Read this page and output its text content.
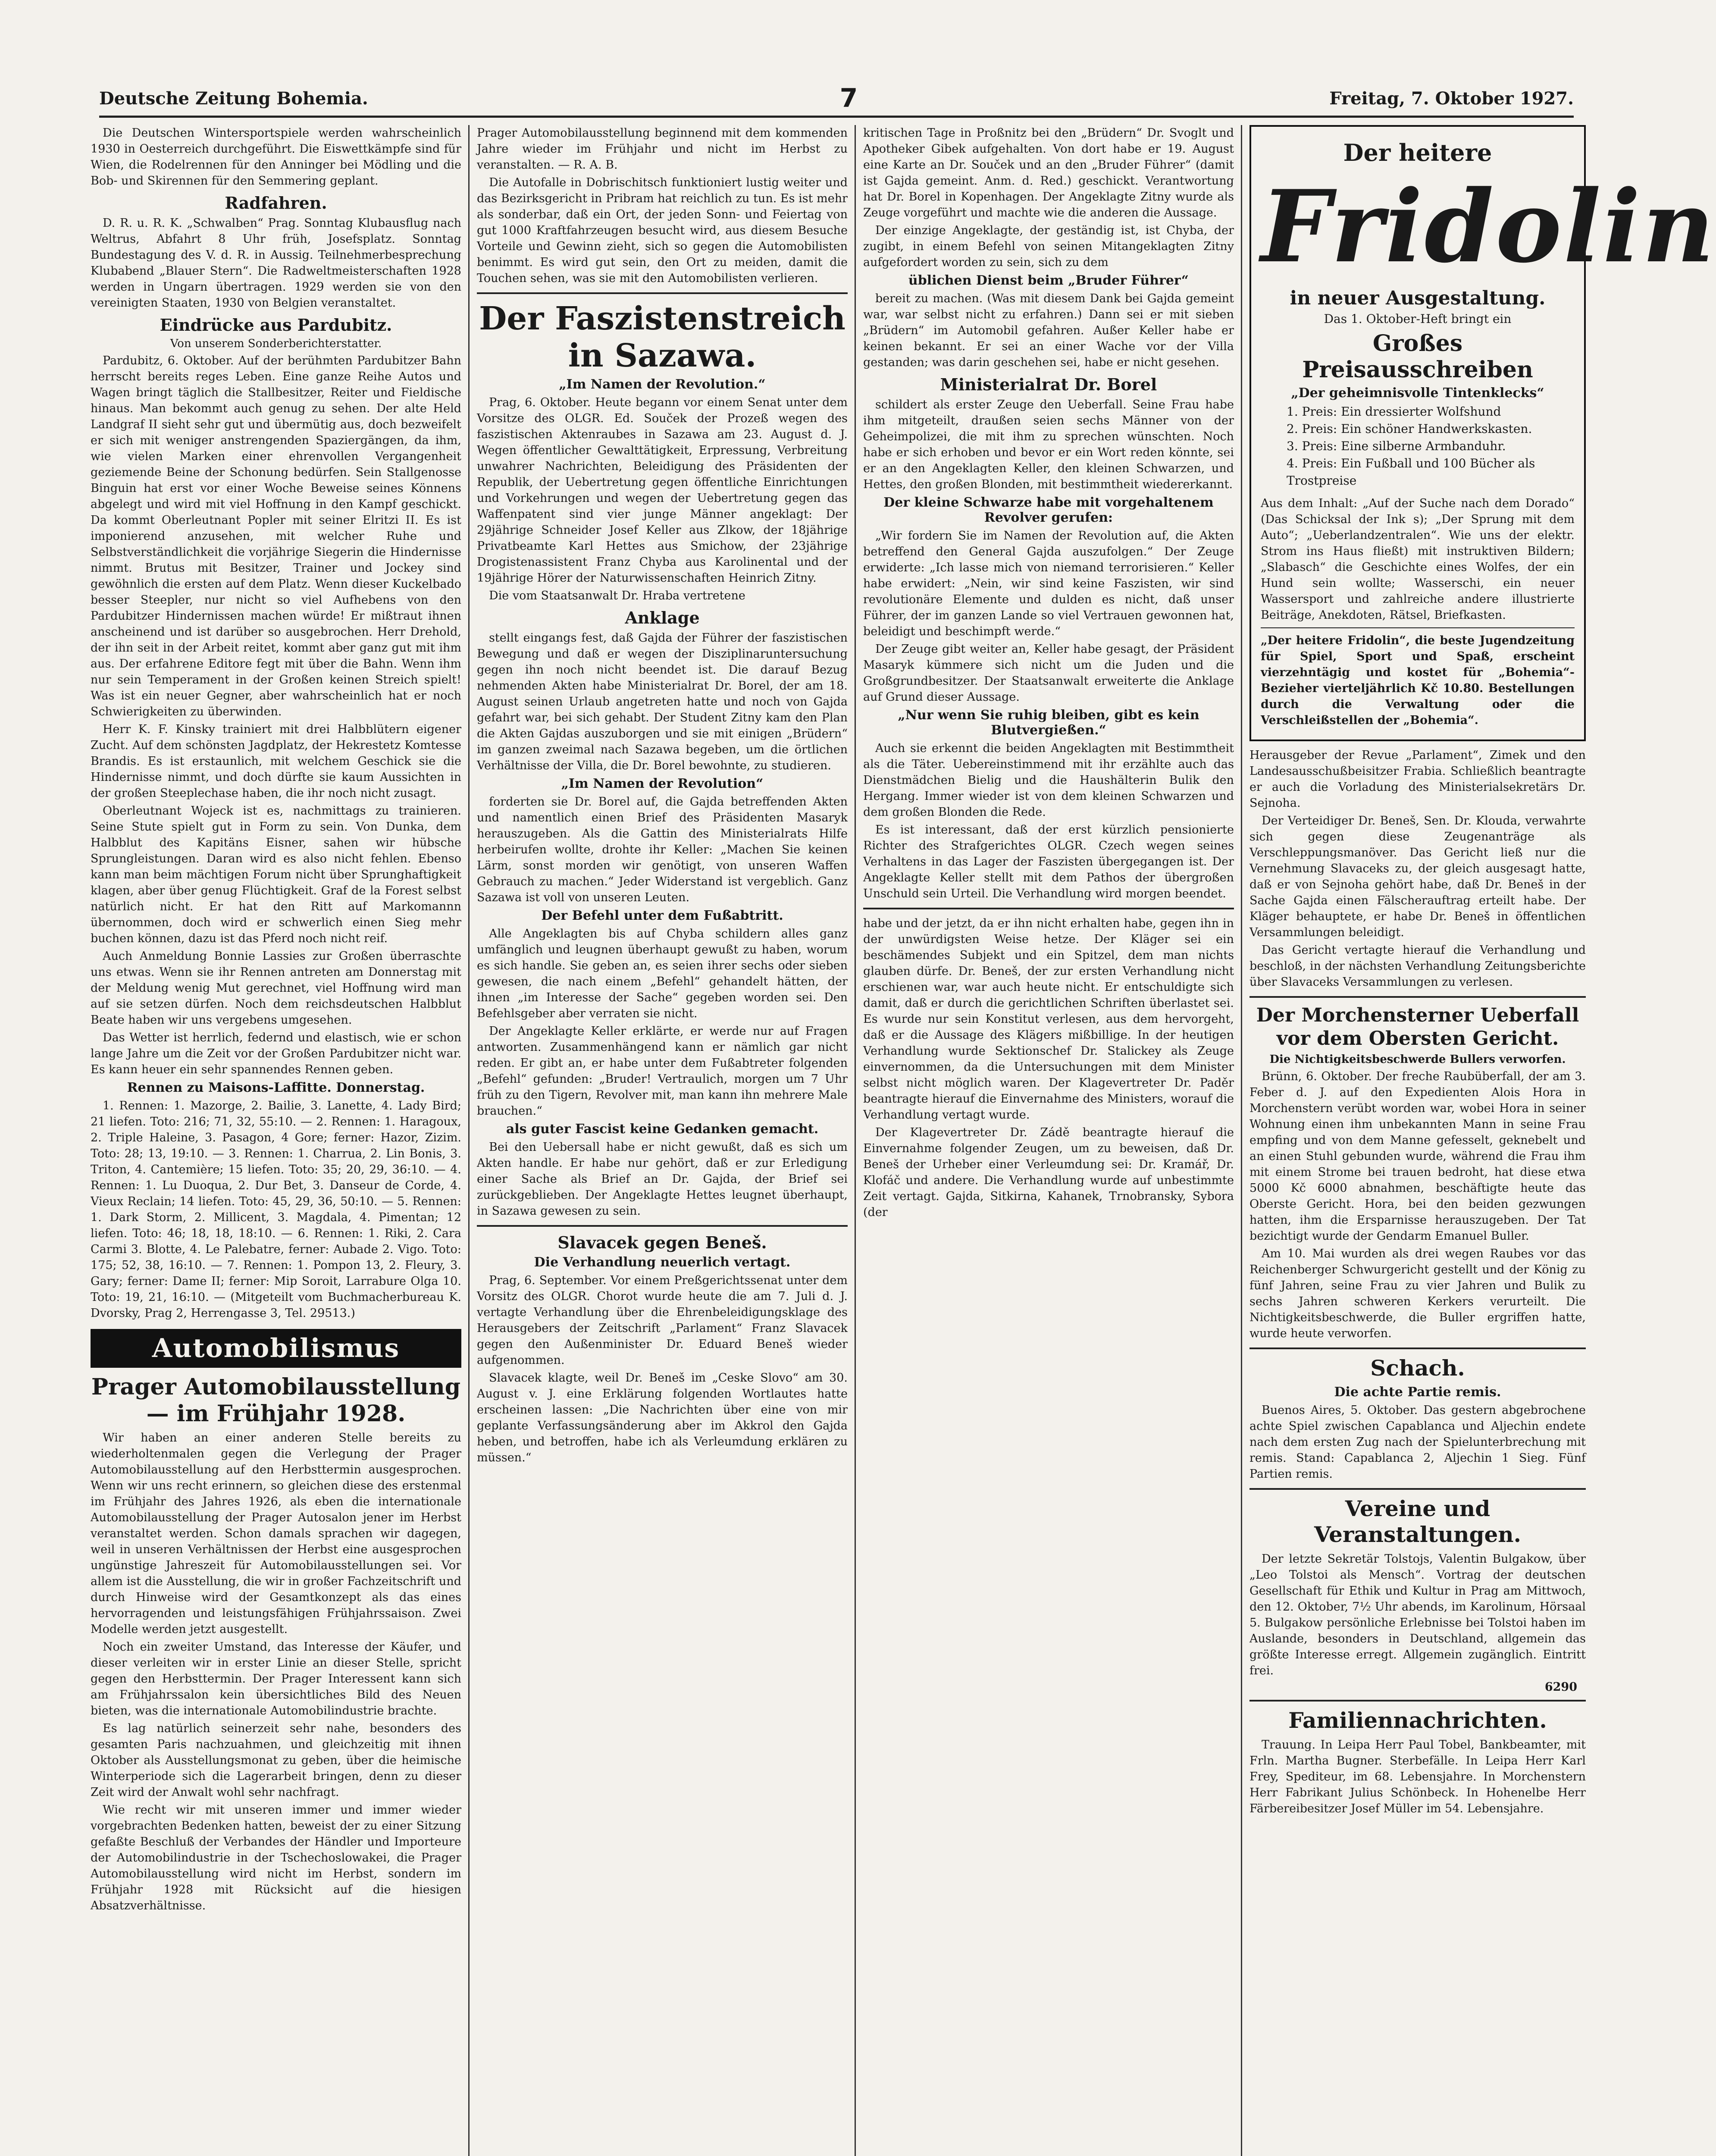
Deutsche Zeitung Bohemia.	7	Freitag, 7. Oktober 1927.

Die Deutschen Wintersportspiele werden wahrscheinlich 1930 in Oesterreich durchgeführt. Die Eiswettkämpfe sind für Wien, die Rodelrennen für den Anninger bei Mödling und die Bob- und Skirennen für den Semmering geplant.

Radfahren.

D. R. u. R. K. „Schwalben“ Prag. Sonntag Klubausflug nach Weltrus, Abfahrt 8 Uhr früh, Josefsplatz. Sonntag Bundestagung des V. d. R. in Aussig. Teilnehmerbesprechung Klubabend „Blauer Stern“. Die Radweltmeisterschaften 1928 werden in Ungarn übertragen. 1929 werden sie von den vereinigten Staaten, 1930 von Belgien veranstaltet.

Eindrücke aus Pardubitz.
Von unserem Sonderberichterstatter.

Pardubitz, 6. Oktober. Auf der berühmten Pardubitzer Bahn herrscht bereits reges Leben. Eine ganze Reihe Autos und Wagen bringt täglich die Stallbesitzer, Reiter und Fieldische hinaus. Man bekommt auch genug zu sehen. Der alte Held Landgraf II sieht sehr gut und übermütig aus, doch bezweifelt er sich mit weniger anstrengenden Spaziergängen, da ihm, wie vielen Marken einer ehrenvollen Vergangenheit geziemende Beine der Schonung bedürfen. Sein Stallgenosse Binguin hat erst vor einer Woche Beweise seines Könnens abgelegt und wird mit viel Hoffnung in den Kampf geschickt. Da kommt Oberleutnant Popler mit seiner Elritzi II. Es ist imponierend anzusehen, mit welcher Ruhe und Selbstverständlichkeit die vorjährige Siegerin die Hindernisse nimmt. Brutus mit Besitzer, Trainer und Jockey sind gewöhnlich die ersten auf dem Platz. Wenn dieser Kuckelbado besser Steepler, nur nicht so viel Aufhebens von den Pardubitzer Hindernissen machen würde! Er mißtraut ihnen anscheinend und ist darüber so ausgebrochen. Herr Drehold, der ihn seit in der Arbeit reitet, kommt aber ganz gut mit ihm aus. Der erfahrene Editore fegt mit über die Bahn. Wenn ihm nur sein Temperament in der Großen keinen Streich spielt! Was ist ein neuer Gegner, aber wahrscheinlich hat er noch Schwierigkeiten zu überwinden.

Herr K. F. Kinsky trainiert mit drei Halbblütern eigener Zucht. Auf dem schönsten Jagdplatz, der Hekrestetz Komtesse Brandis. Es ist erstaunlich, mit welchem Geschick sie die Hindernisse nimmt, und doch dürfte sie kaum Aussichten in der großen Steeplechase haben, die ihr noch nicht zusagt.

Oberleutnant Wojeck ist es, nachmittags zu trainieren. Seine Stute spielt gut in Form zu sein. Von Dunka, dem Halbblut des Kapitäns Eisner, sahen wir hübsche Sprungleistungen. Daran wird es also nicht fehlen. Ebenso kann man beim mächtigen Forum nicht über Sprunghaftigkeit klagen, aber über genug Flüchtigkeit. Graf de la Forest selbst natürlich nicht. Er hat den Ritt auf Markomannn übernommen, doch wird er schwerlich einen Sieg mehr buchen können, dazu ist das Pferd noch nicht reif.

Auch Anmeldung Bonnie Lassies zur Großen überraschte uns etwas. Wenn sie ihr Rennen antreten am Donnerstag mit der Meldung wenig Mut gerechnet, viel Hoffnung wird man auf sie setzen dürfen. Noch dem reichsdeutschen Halbblut Beate haben wir uns vergebens umgesehen.

Das Wetter ist herrlich, federnd und elastisch, wie er schon lange Jahre um die Zeit vor der Großen Pardubitzer nicht war. Es kann heuer ein sehr spannendes Rennen geben.

Rennen zu Maisons-Laffitte. Donnerstag.

1. Rennen: 1. Mazorge, 2. Bailie, 3. Lanette, 4. Lady Bird; 21 liefen. Toto: 216; 71, 32, 55:10. — 2. Rennen: 1. Haragoux, 2. Triple Haleine, 3. Pasagon, 4 Gore; ferner: Hazor, Zizim. Toto: 28; 13, 19:10. — 3. Rennen: 1. Charrua, 2. Lin Bonis, 3. Triton, 4. Cantemière; 15 liefen. Toto: 35; 20, 29, 36:10. — 4. Rennen: 1. Lu Duoqua, 2. Dur Bet, 3. Danseur de Corde, 4. Vieux Reclain; 14 liefen. Toto: 45, 29, 36, 50:10. — 5. Rennen: 1. Dark Storm, 2. Millicent, 3. Magdala, 4. Pimentan; 12 liefen. Toto: 46; 18, 18, 18:10. — 6. Rennen: 1. Riki, 2. Cara Carmi 3. Blotte, 4. Le Palebatre, ferner: Aubade 2. Vigo. Toto: 175; 52, 38, 16:10. — 7. Rennen: 1. Pompon 13, 2. Fleury, 3. Gary; ferner: Dame II; ferner: Mip Soroit, Larrabure Olga 10. Toto: 19, 21, 16:10. — (Mitgeteilt vom Buchmacherbureau K. Dvorsky, Prag 2, Herrengasse 3, Tel. 29513.)

Automobilismus
Prager Automobilausstellung — im Frühjahr 1928.

Wir haben an einer anderen Stelle bereits zu wiederholtenmalen gegen die Verlegung der Prager Automobilausstellung auf den Herbsttermin ausgesprochen. Wenn wir uns recht erinnern, so gleichen diese des erstenmal im Frühjahr des Jahres 1926, als eben die internationale Automobilausstellung der Prager Autosalon jener im Herbst veranstaltet werden. Schon damals sprachen wir dagegen, weil in unseren Verhältnissen der Herbst eine ausgesprochen ungünstige Jahreszeit für Automobilausstellungen sei. Vor allem ist die Ausstellung, die wir in großer Fachzeitschrift und durch Hinweise wird der Gesamtkonzept als das eines hervorragenden und leistungsfähigen Frühjahrssaison. Zwei Modelle werden jetzt ausgestellt.

Noch ein zweiter Umstand, das Interesse der Käufer, und dieser verleiten wir in erster Linie an dieser Stelle, spricht gegen den Herbsttermin. Der Prager Interessent kann sich am Frühjahrssalon kein übersichtliches Bild des Neuen bieten, was die internationale Automobilindustrie brachte.

Es lag natürlich seinerzeit sehr nahe, besonders des gesamten Paris nachzuahmen, und gleichzeitig mit ihnen Oktober als Ausstellungsmonat zu geben, über die heimische Winterperiode sich die Lagerarbeit bringen, denn zu dieser Zeit wird der Anwalt wohl sehr nachfragt.

Wie recht wir mit unseren immer und immer wieder vorgebrachten Bedenken hatten, beweist der zu einer Sitzung gefaßte Beschluß der Verbandes der Händler und Importeure der Automobilindustrie in der Tschechoslowakei, die Prager Automobilausstellung wird nicht im Herbst, sondern im Frühjahr 1928 mit Rücksicht auf die hiesigen Absatzverhältnisse.

Prager Automobilausstellung beginnend mit dem kommenden Jahre wieder im Frühjahr und nicht im Herbst zu veranstalten. — R. A. B.

Die Autofalle in Dobrischitsch funktioniert lustig weiter und das Bezirksgericht in Pribram hat reichlich zu tun. Es ist mehr als sonderbar, daß ein Ort, der jeden Sonn- und Feiertag von gut 1000 Kraftfahrzeugen besucht wird, aus diesem Besuche Vorteile und Gewinn zieht, sich so gegen die Automobilisten benimmt. Es wird gut sein, den Ort zu meiden, damit die Touchen sehen, was sie mit den Automobilisten verlieren.

Der Faszistenstreich in Sazawa.
„Im Namen der Revolution.“

Prag, 6. Oktober. Heute begann vor einem Senat unter dem Vorsitze des OLGR. Ed. Souček der Prozeß wegen des faszistischen Aktenraubes in Sazawa am 23. August d. J. Wegen öffentlicher Gewalttätigkeit, Erpressung, Verbreitung unwahrer Nachrichten, Beleidigung des Präsidenten der Republik, der Uebertretung gegen öffentliche Einrichtungen und Vorkehrungen und wegen der Uebertretung gegen das Waffenpatent sind vier junge Männer angeklagt: Der 29jährige Schneider Josef Keller aus Zlkow, der 18jährige Privatbeamte Karl Hettes aus Smichow, der 23jährige Drogistenassistent Franz Chyba aus Karolinental und der 19jährige Hörer der Naturwissenschaften Heinrich Zitny.

Die vom Staatsanwalt Dr. Hraba vertretene

Anklage

stellt eingangs fest, daß Gajda der Führer der faszistischen Bewegung und daß er wegen der Disziplinaruntersuchung gegen ihn noch nicht beendet ist. Die darauf Bezug nehmenden Akten habe Ministerialrat Dr. Borel, der am 18. August seinen Urlaub angetreten hatte und noch von Gajda gefahrt war, bei sich gehabt. Der Student Zitny kam den Plan die Akten Gajdas auszuborgen und sie mit einigen „Brüdern“ im ganzen zweimal nach Sazawa begeben, um die örtlichen Verhältnisse der Villa, die Dr. Borel bewohnte, zu studieren.

„Im Namen der Revolution“

forderten sie Dr. Borel auf, die Gajda betreffenden Akten und namentlich einen Brief des Präsidenten Masaryk herauszugeben. Als die Gattin des Ministerialrats Hilfe herbeirufen wollte, drohte ihr Keller: „Machen Sie keinen Lärm, sonst morden wir genötigt, von unseren Waffen Gebrauch zu machen.“ Jeder Widerstand ist vergeblich. Ganz Sazawa ist voll von unseren Leuten.

Der Befehl unter dem Fußabtritt.

Alle Angeklagten bis auf Chyba schildern alles ganz umfänglich und leugnen überhaupt gewußt zu haben, worum es sich handle. Sie geben an, es seien ihrer sechs oder sieben gewesen, die nach einem „Befehl“ gehandelt hätten, der ihnen „im Interesse der Sache“ gegeben worden sei. Den Befehlsgeber aber verraten sie nicht.

Der Angeklagte Keller erklärte, er werde nur auf Fragen antworten. Zusammenhängend kann er nämlich gar nicht reden. Er gibt an, er habe unter dem Fußabtreter folgenden „Befehl“ gefunden: „Bruder! Vertraulich, morgen um 7 Uhr früh zu den Tigern, Revolver mit, man kann ihn mehrere Male brauchen.“

als guter Fascist keine Gedanken gemacht.

Bei den Uebersall habe er nicht gewußt, daß es sich um Akten handle. Er habe nur gehört, daß er zur Erledigung einer Sache als Brief an Dr. Gajda, der Brief sei zurückgeblieben. Der Angeklagte Hettes leugnet überhaupt, in Sazawa gewesen zu sein.

Slavacek gegen Beneš.
Die Verhandlung neuerlich vertagt.

Prag, 6. September. Vor einem Preßgerichtssenat unter dem Vorsitz des OLGR. Chorot wurde heute die am 7. Juli d. J. vertagte Verhandlung über die Ehrenbeleidigungsklage des Herausgebers der Zeitschrift „Parlament“ Franz Slavacek gegen den Außenminister Dr. Eduard Beneš wieder aufgenommen.

Slavacek klagte, weil Dr. Beneš im „Ceske Slovo“ am 30. August v. J. eine Erklärung folgenden Wortlautes hatte erscheinen lassen: „Die Nachrichten über eine von mir geplante Verfassungsänderung aber im Akkrol den Gajda heben, und betroffen, habe ich als Verleumdung erklären zu müssen.“

kritischen Tage in Proßnitz bei den „Brüdern“ Dr. Svoglt und Apotheker Gibek aufgehalten. Von dort habe er 19. August eine Karte an Dr. Souček und an den „Bruder Führer“ (damit ist Gajda gemeint. Anm. d. Red.) geschickt. Verantwortung hat Dr. Borel in Kopenhagen. Der Angeklagte Zitny wurde als Zeuge vorgeführt und machte wie die anderen die Aussage.

Der einzige Angeklagte, der geständig ist, ist Chyba, der zugibt, in einem Befehl von seinen Mitangeklagten Zitny aufgefordert worden zu sein, sich zu dem

üblichen Dienst beim „Bruder Führer“

bereit zu machen. (Was mit diesem Dank bei Gajda gemeint war, war selbst nicht zu erfahren.) Dann sei er mit sieben „Brüdern“ im Automobil gefahren. Außer Keller habe er keinen bekannt. Er sei an einer Wache vor der Villa gestanden; was darin geschehen sei, habe er nicht gesehen.

Ministerialrat Dr. Borel

schildert als erster Zeuge den Ueberfall. Seine Frau habe ihm mitgeteilt, draußen seien sechs Männer von der Geheimpolizei, die mit ihm zu sprechen wünschten. Noch habe er sich erhoben und bevor er ein Wort reden könnte, sei er an den Angeklagten Keller, den kleinen Schwarzen, und Hettes, den großen Blonden, mit bestimmtheit wiedererkannt.

Der kleine Schwarze habe mit vorgehaltenem Revolver gerufen:

„Wir fordern Sie im Namen der Revolution auf, die Akten betreffend den General Gajda auszufolgen.“ Der Zeuge erwiderte: „Ich lasse mich von niemand terrorisieren.“ Keller habe erwidert: „Nein, wir sind keine Faszisten, wir sind revolutionäre Elemente und dulden es nicht, daß unser Führer, der im ganzen Lande so viel Vertrauen gewonnen hat, beleidigt und beschimpft werde.“

Der Zeuge gibt weiter an, Keller habe gesagt, der Präsident Masaryk kümmere sich nicht um die Juden und die Großgrundbesitzer. Der Staatsanwalt erweiterte die Anklage auf Grund dieser Aussage.

„Nur wenn Sie ruhig bleiben, gibt es kein Blutvergießen.“

Auch sie erkennt die beiden Angeklagten mit Bestimmtheit als die Täter. Uebereinstimmend mit ihr erzählte auch das Dienstmädchen Bielig und die Haushälterin Bulik den Hergang. Immer wieder ist von dem kleinen Schwarzen und dem großen Blonden die Rede.

Es ist interessant, daß der erst kürzlich pensionierte Richter des Strafgerichtes OLGR. Czech wegen seines Verhaltens in das Lager der Faszisten übergegangen ist. Der Angeklagte Keller stellt mit dem Pathos der übergroßen Unschuld sein Urteil. Die Verhandlung wird morgen beendet.

habe und der jetzt, da er ihn nicht erhalten habe, gegen ihn in der unwürdigsten Weise hetze. Der Kläger sei ein beschämendes Subjekt und ein Spitzel, dem man nichts glauben dürfe. Dr. Beneš, der zur ersten Verhandlung nicht erschienen war, war auch heute nicht. Er entschuldigte sich damit, daß er durch die gerichtlichen Schriften überlastet sei. Es wurde nur sein Konstitut verlesen, aus dem hervorgeht, daß er die Aussage des Klägers mißbillige. In der heutigen Verhandlung wurde Sektionschef Dr. Stalickey als Zeuge einvernommen, da die Untersuchungen mit dem Minister selbst nicht möglich waren. Der Klagevertreter Dr. Paděr beantragte hierauf die Einvernahme des Ministers, worauf die Verhandlung vertagt wurde.

Der Klagevertreter Dr. Zádě beantragte hierauf die Einvernahme folgender Zeugen, um zu beweisen, daß Dr. Beneš der Urheber einer Verleumdung sei: Dr. Kramář, Dr. Klofáč und andere. Die Verhandlung wurde auf unbestimmte Zeit vertagt. Gajda, Sitkirna, Kahanek, Trnobransky, Sybora (der

Der heitere
Fridolin
in neuer Ausgestaltung.
Das 1. Oktober-Heft bringt ein
Großes Preisausschreiben
„Der geheimnisvolle Tintenklecks“
1. Preis: Ein dressierter Wolfshund
2. Preis: Ein schöner Handwerkskasten.
3. Preis: Eine silberne Armbanduhr.
4. Preis: Ein Fußball und 100 Bücher als Trostpreise

Aus dem Inhalt: „Auf der Suche nach dem Dorado“ (Das Schicksal der Ink s); „Der Sprung mit dem Auto“; „Ueberlandzentralen“. Wie uns der elektr. Strom ins Haus fließt) mit instruktiven Bildern; „Slabasch“ die Geschichte eines Wolfes, der ein Hund sein wollte; Wasserschi, ein neuer Wassersport und zahlreiche andere illustrierte Beiträge, Anekdoten, Rätsel, Briefkasten.

„Der heitere Fridolin“, die beste Jugendzeitung für Spiel, Sport und Spaß, erscheint vierzehntägig und kostet für „Bohemia“-Bezieher vierteljährlich Kč 10.80. Bestellungen durch die Verwaltung oder die Verschleißstellen der „Bohemia“.

Herausgeber der Revue „Parlament“, Zimek und den Landesausschußbeisitzer Frabia. Schließlich beantragte er auch die Vorladung des Ministerialsekretärs Dr. Sejnoha.

Der Verteidiger Dr. Beneš, Sen. Dr. Klouda, verwahrte sich gegen diese Zeugenanträge als Verschleppungsmanöver. Das Gericht ließ nur die Vernehmung Slavaceks zu, der gleich ausgesagt hatte, daß er von Sejnoha gehört habe, daß Dr. Beneš in der Sache Gajda einen Fälscherauftrag erteilt habe. Der Kläger behauptete, er habe Dr. Beneš in öffentlichen Versammlungen beleidigt.

Das Gericht vertagte hierauf die Verhandlung und beschloß, in der nächsten Verhandlung Zeitungsberichte über Slavaceks Versammlungen zu verlesen.

Der Morchensterner Ueberfall vor dem Obersten Gericht.
Die Nichtigkeitsbeschwerde Bullers verworfen.

Brünn, 6. Oktober. Der freche Raubüberfall, der am 3. Feber d. J. auf den Expedienten Alois Hora in Morchenstern verübt worden war, wobei Hora in seiner Wohnung einen ihm unbekannten Mann in seine Frau empfing und von dem Manne gefesselt, geknebelt und an einen Stuhl gebunden wurde, während die Frau ihm mit einem Strome bei trauen bedroht, hat diese etwa 5000 Kč 6000 abnahmen, beschäftigte heute das Oberste Gericht. Hora, bei den beiden gezwungen hatten, ihm die Ersparnisse herauszugeben. Der Tat bezichtigt wurde der Gendarm Emanuel Buller.

Am 10. Mai wurden als drei wegen Raubes vor das Reichenberger Schwurgericht gestellt und der König zu fünf Jahren, seine Frau zu vier Jahren und Bulik zu sechs Jahren schweren Kerkers verurteilt. Die Nichtigkeitsbeschwerde, die Buller ergriffen hatte, wurde heute verworfen.

Schach.
Die achte Partie remis.

Buenos Aires, 5. Oktober. Das gestern abgebrochene achte Spiel zwischen Capablanca und Aljechin endete nach dem ersten Zug nach der Spielunterbrechung mit remis. Stand: Capablanca 2, Aljechin 1 Sieg. Fünf Partien remis.

Vereine und Veranstaltungen.

Der letzte Sekretär Tolstojs, Valentin Bulgakow, über „Leo Tolstoi als Mensch“. Vortrag der deutschen Gesellschaft für Ethik und Kultur in Prag am Mittwoch, den 12. Oktober, 7½ Uhr abends, im Karolinum, Hörsaal 5. Bulgakow persönliche Erlebnisse bei Tolstoi haben im Auslande, besonders in Deutschland, allgemein das größte Interesse erregt. Allgemein zugänglich. Eintritt frei.

6290
Familiennachrichten.

Trauung. In Leipa Herr Paul Tobel, Bankbeamter, mit Frln. Martha Bugner. Sterbefälle. In Leipa Herr Karl Frey, Spediteur, im 68. Lebensjahre. In Morchenstern Herr Fabrikant Julius Schönbeck. In Hohenelbe Herr Färbereibesitzer Josef Müller im 54. Lebensjahre.
